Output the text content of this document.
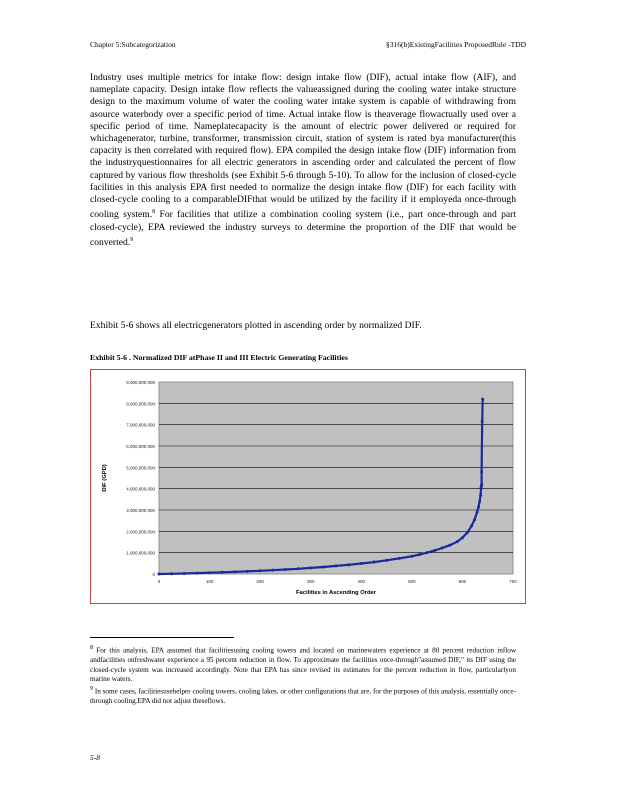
Chapter 5:Subcategorization	§316(b)ExistingFacilities ProposedRule -TDD

Industry uses multiple metrics for intake flow: design intake flow (DIF), actual intake flow (AIF), and nameplate capacity. Design intake flow reflects the valueassigned during the cooling water intake structure design to the maximum volume of water the cooling water intake system is capable of withdrawing from asource waterbody over a specific period of time. Actual intake flow is theaverage flowactually used over a specific period of time. Nameplatecapacity is the amount of electric power delivered or required for whichagenerator, turbine, transformer, transmission circuit, station of system is rated bya manufacturer(this capacity is then correlated with required flow). EPA compiled the design intake flow (DIF) information from the industryquestionnaires for all electric generators in ascending order and calculated the percent of flow captured by various flow thresholds (see Exhibit 5-6 through 5-10). To allow for the inclusion of closed-cycle facilities in this analysis EPA first needed to normalize the design intake flow (DIF) for each facility with closed-cycle cooling to a comparableDIFthat would be utilized by the facility if it employeda once-through cooling system.$^8$ For facilities that utilize a combination cooling system (i.e., part once-through and part closed-cycle), EPA reviewed the industry surveys to determine the proportion of the DIF that would be converted.$^9$

Exhibit 5-6 shows all electricgenerators plotted in ascending order by normalized DIF.
Exhibit 5-6 . Normalized DIF atPhase II and III Electric Generating Facilities
0
1,000,000,000
2,000,000,000
3,000,000,000
4,000,000,000
5,000,000,000
6,000,000,000
7,000,000,000
8,000,000,000
9,000,000,000
0	100	200	300	400	500	600	700
Facilities in Ascending Order
DIF (GPD)

$^8$ For this analysis, EPA assumed that facilitiesusing cooling towers and located on marinewaters experience at 80 percent reduction inflow andfacilities onfreshwater experience a 95 percent reduction in flow. To approximate the facilities once-through"assumed DIF," its DIF using the closed-cycle system was increased accordingly. Note that EPA has since revised its estimates for the percent reduction in flow, particularlyon marine waters.

$^9$ In some cases, facilitiesusehelper cooling towers, cooling lakes, or other configurations that are, for the purposes of this analysis, essentially once-through cooling.EPA did not adjust theseflows.

5-8
